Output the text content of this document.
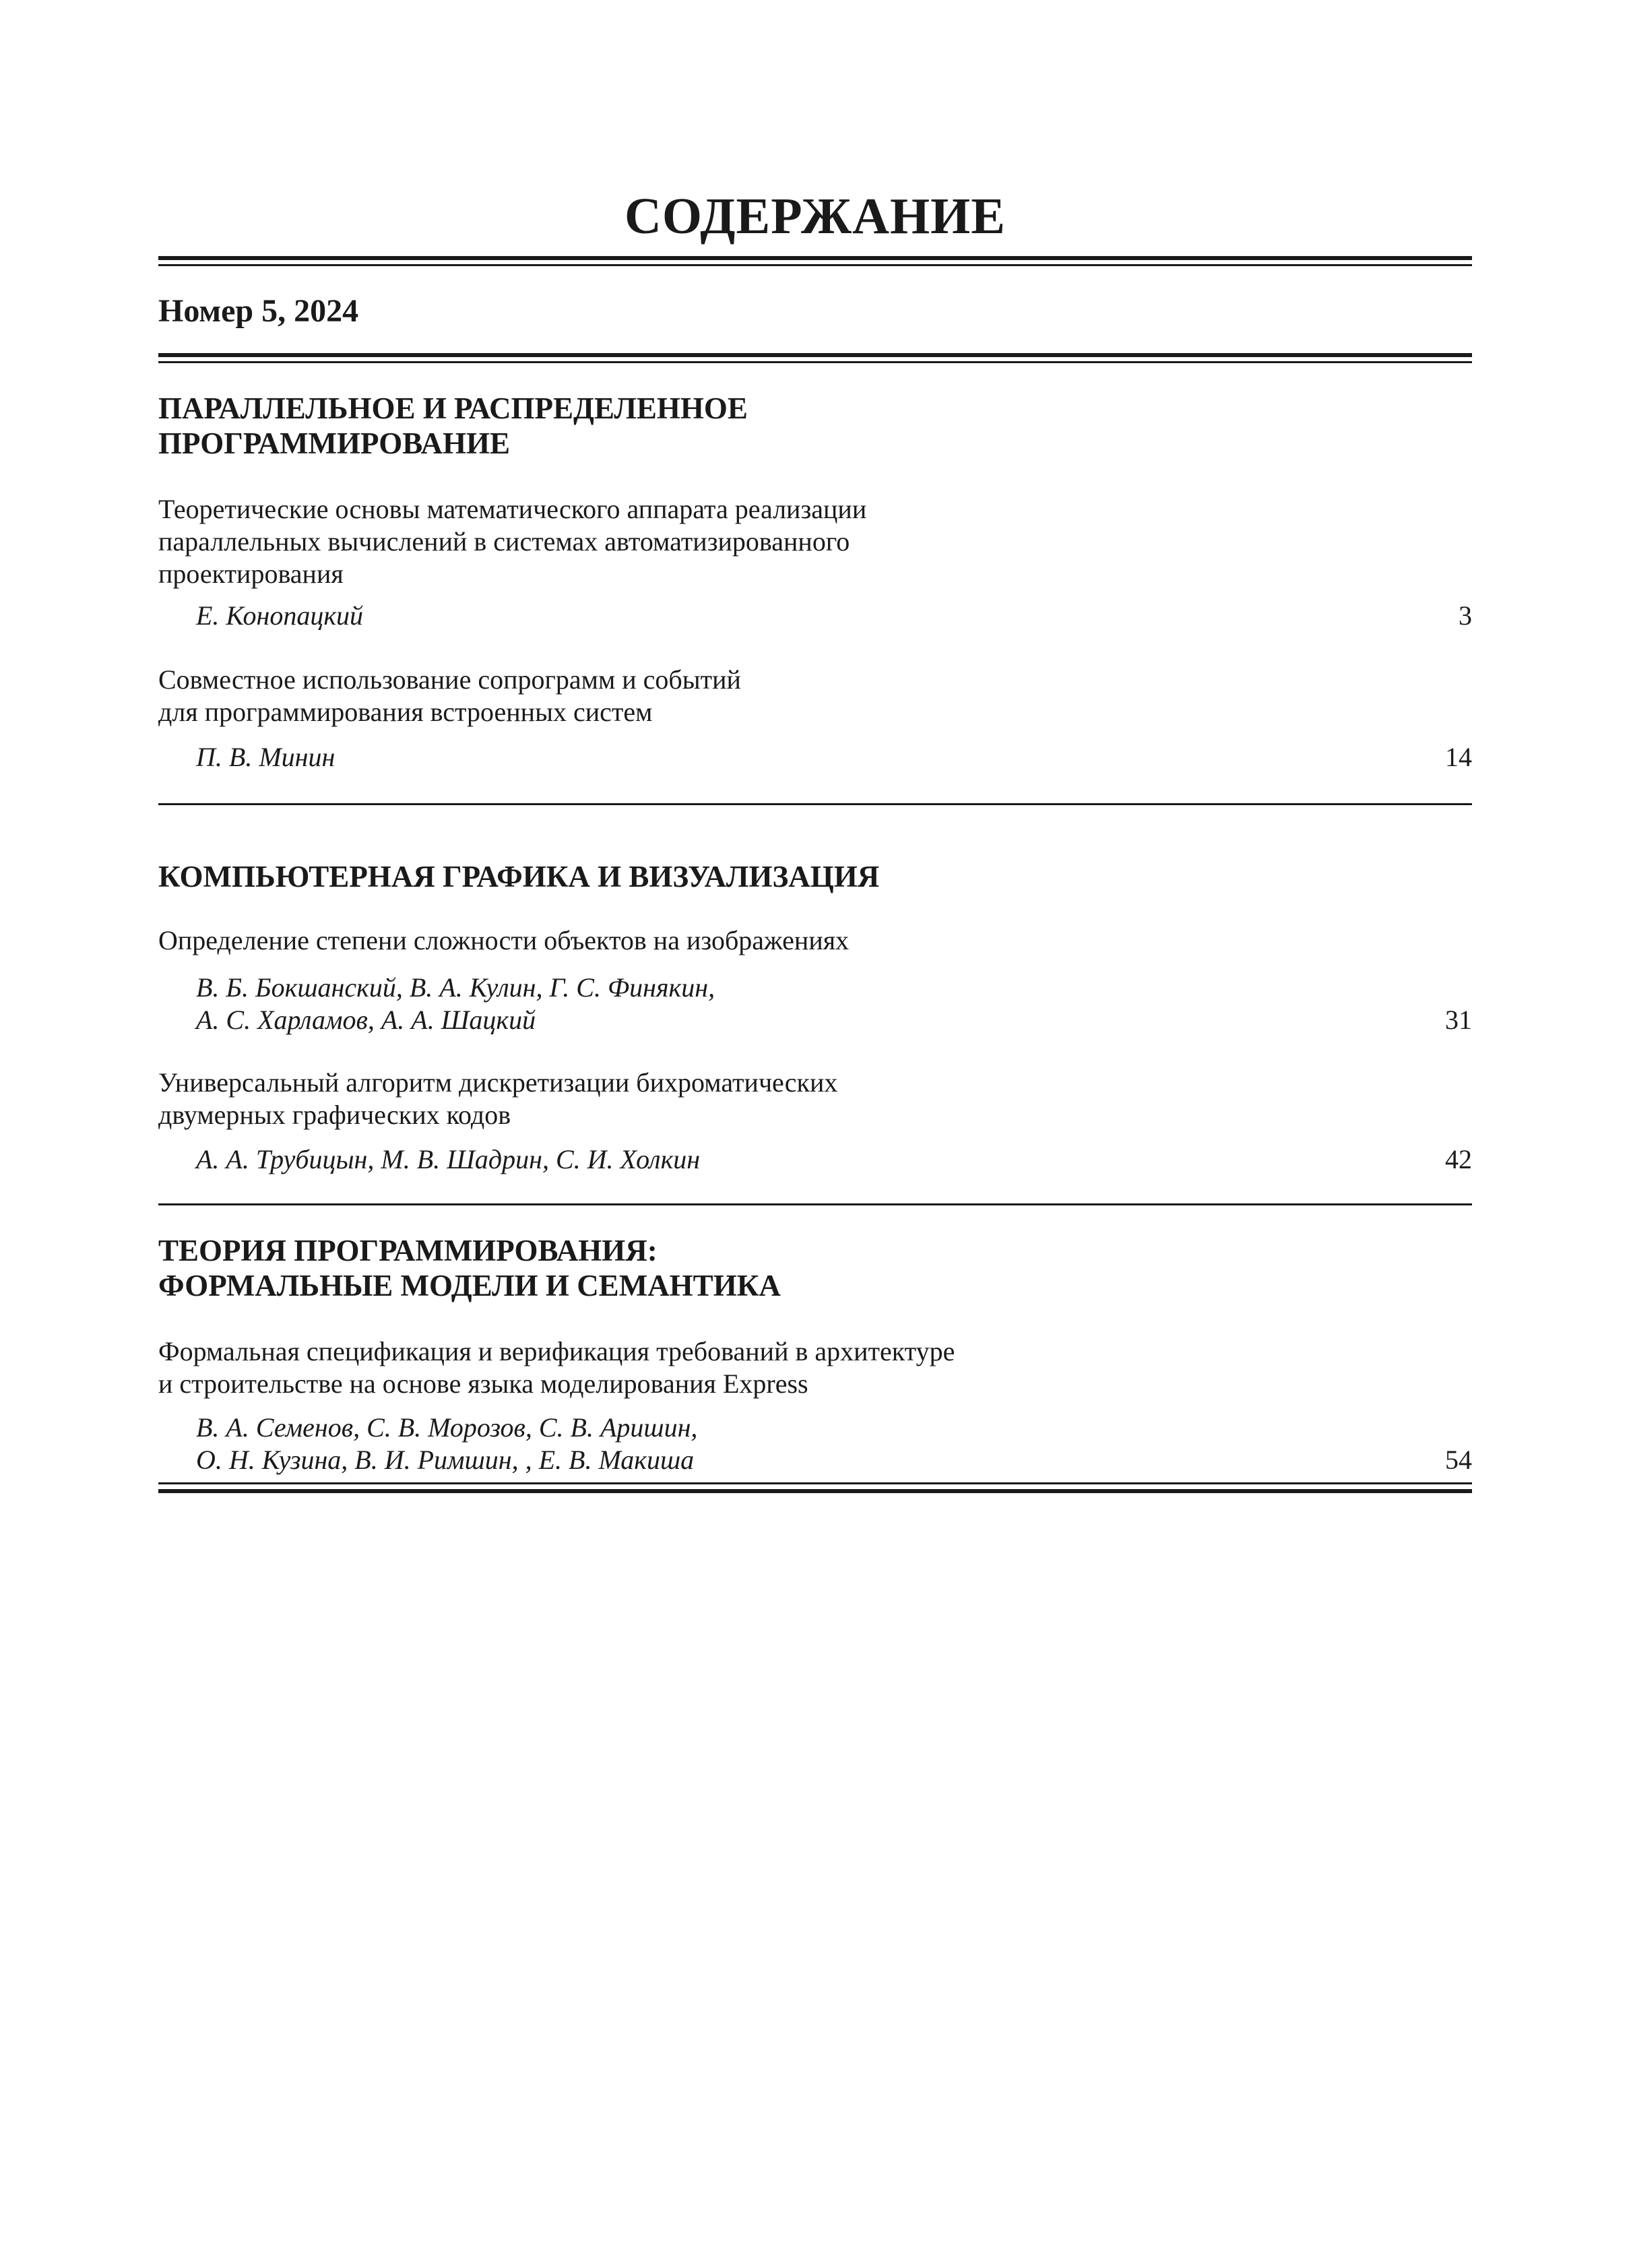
СОДЕРЖАНИЕ
Номер 5, 2024
ПАРАЛЛЕЛЬНОЕ И РАСПРЕДЕЛЕННОЕ
ПРОГРАММИРОВАНИЕ
Теоретические основы математического аппарата реализации
параллельных вычислений в системах автоматизированного
проектирования
Е. Конопацкий	3
Совместное использование сопрограмм и событий
для программирования встроенных систем
П. В. Минин	14
КОМПЬЮТЕРНАЯ ГРАФИКА И ВИЗУАЛИЗАЦИЯ
Определение степени сложности объектов на изображениях
В. Б. Бокшанский, В. А. Кулин, Г. С. Финякин,
А. С. Харламов, А. А. Шацкий	31
Универсальный алгоритм дискретизации бихроматических
двумерных графических кодов
А. А. Трубицын, М. В. Шадрин, С. И. Холкин	42
ТЕОРИЯ ПРОГРАММИРОВАНИЯ:
ФОРМАЛЬНЫЕ МОДЕЛИ И СЕМАНТИКА
Формальная спецификация и верификация требований в архитектуре
и строительстве на основе языка моделирования Express
В. А. Семенов, С. В. Морозов, С. В. Аришин,
О. Н. Кузина, В. И. Римшин, , Е. В. Макиша	54
